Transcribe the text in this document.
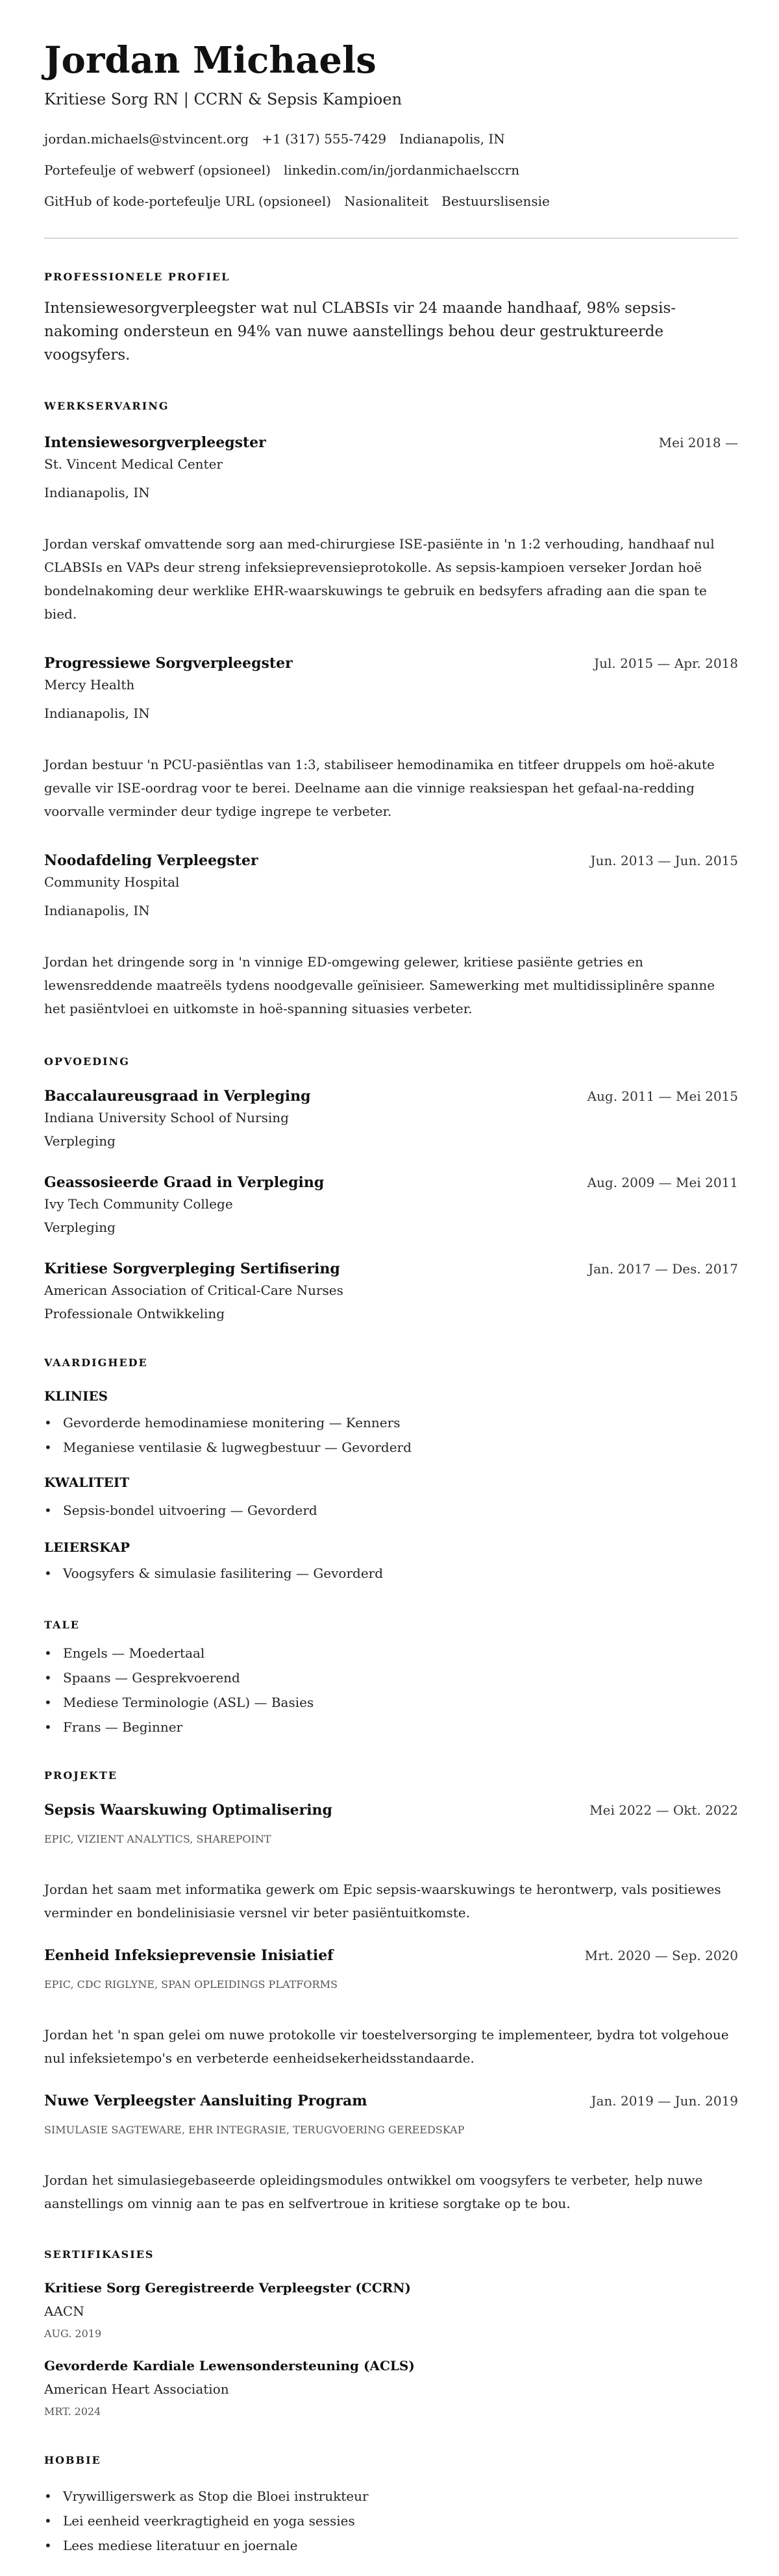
Jordan Michaels

Kritiese Sorg RN | CCRN & Sepsis Kampioen

jordan.michaels@stvincent.org +1 (317) 555-7429 Indianapolis, IN
Portefeulje of webwerf (opsioneel) linkedin.com/in/jordanmichaelsccrn
GitHub of kode-portefeulje URL (opsioneel) Nasionaliteit Bestuurslisensie
PROFESSIONELE PROFIEL

Intensiewesorgverpleegster wat nul CLABSIs vir 24 maande handhaaf, 98% sepsis-nakoming ondersteun en 94% van nuwe aanstellings behou deur gestruktureerde voogsyfers.

WERKSERVARING
Intensiewesorgverpleegster	Mei 2018 —

St. Vincent Medical Center

Indianapolis, IN

Jordan verskaf omvattende sorg aan med-chirurgiese ISE-pasiënte in 'n 1:2 verhouding, handhaaf nul CLABSIs en VAPs deur streng infeksieprevensieprotokolle. As sepsis-kampioen verseker Jordan hoë bondelnakoming deur werklike EHR-waarskuwings te gebruik en bedsyfers afrading aan die span te bied.

Progressiewe Sorgverpleegster	Jul. 2015 — Apr. 2018

Mercy Health

Indianapolis, IN

Jordan bestuur 'n PCU-pasiëntlas van 1:3, stabiliseer hemodinamika en titfeer druppels om hoë-akute gevalle vir ISE-oordrag voor te berei. Deelname aan die vinnige reaksiespan het gefaal-na-redding voorvalle verminder deur tydige ingrepe te verbeter.

Noodafdeling Verpleegster	Jun. 2013 — Jun. 2015

Community Hospital

Indianapolis, IN

Jordan het dringende sorg in 'n vinnige ED-omgewing gelewer, kritiese pasiënte getries en lewensreddende maatreëls tydens noodgevalle geïnisieer. Samewerking met multidissiplinêre spanne het pasiëntvloei en uitkomste in hoë-spanning situasies verbeter.

OPVOEDING
Baccalaureusgraad in Verpleging	Aug. 2011 — Mei 2015

Indiana University School of Nursing

Verpleging

Geassosieerde Graad in Verpleging	Aug. 2009 — Mei 2011

Ivy Tech Community College

Verpleging

Kritiese Sorgverpleging Sertifisering	Jan. 2017 — Des. 2017

American Association of Critical-Care Nurses

Professionale Ontwikkeling

VAARDIGHEDE
KLINIES
• Gevorderde hemodinamiese monitering — Kenners
• Meganiese ventilasie & lugwegbestuur — Gevorderd
KWALITEIT
• Sepsis-bondel uitvoering — Gevorderd
LEIERSKAP
• Voogsyfers & simulasie fasilitering — Gevorderd
TALE
• Engels — Moedertaal
• Spaans — Gesprekvoerend
• Mediese Terminologie (ASL) — Basies
• Frans — Beginner
PROJEKTE
Sepsis Waarskuwing Optimalisering	Mei 2022 — Okt. 2022

EPIC, VIZIENT ANALYTICS, SHAREPOINT

Jordan het saam met informatika gewerk om Epic sepsis-waarskuwings te herontwerp, vals positiewes verminder en bondelinisiasie versnel vir beter pasiëntuitkomste.

Eenheid Infeksieprevensie Inisiatief	Mrt. 2020 — Sep. 2020

EPIC, CDC RIGLYNE, SPAN OPLEIDINGS PLATFORMS

Jordan het 'n span gelei om nuwe protokolle vir toestelversorging te implementeer, bydra tot volgehoue nul infeksietempo's en verbeterde eenheidsekerheidsstandaarde.

Nuwe Verpleegster Aansluiting Program	Jan. 2019 — Jun. 2019

SIMULASIE SAGTEWARE, EHR INTEGRASIE, TERUGVOERING GEREEDSKAP

Jordan het simulasiegebaseerde opleidingsmodules ontwikkel om voogsyfers te verbeter, help nuwe aanstellings om vinnig aan te pas en selfvertroue in kritiese sorgtake op te bou.

SERTIFIKASIES
Kritiese Sorg Geregistreerde Verpleegster (CCRN)

AACN

AUG. 2019

Gevorderde Kardiale Lewensondersteuning (ACLS)

American Heart Association

MRT. 2024

HOBBIE
• Vrywilligerswerk as Stop die Bloei instrukteur
• Lei eenheid veerkragtigheid en yoga sessies
• Lees mediese literatuur en joernale
